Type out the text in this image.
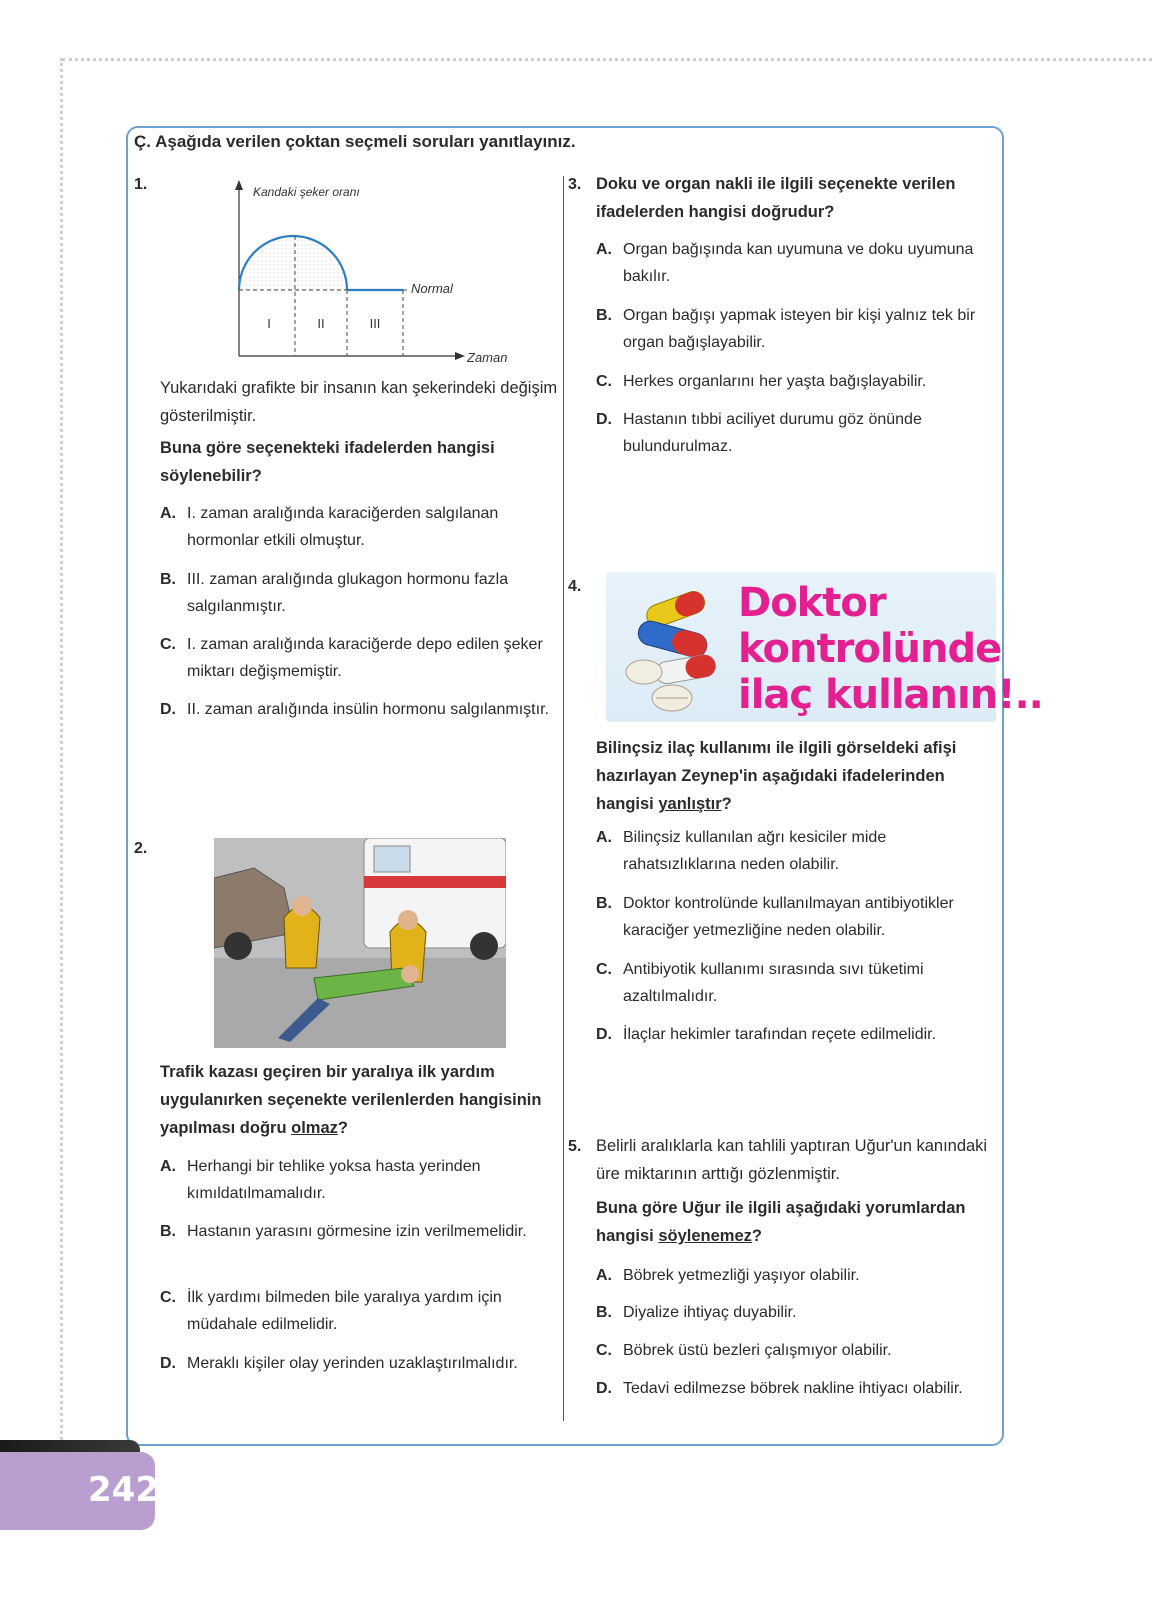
Ç. Aşağıda verilen çoktan seçmeli soruları yanıtlayınız.
1.	Kandaki şeker oranı
Normal
Zaman
I	II	III
Yukarıdaki grafikte bir insanın kan şekerindeki değişim gösterilmiştir.
Buna göre seçenekteki ifadelerden hangisi söylenebilir?
A. I. zaman aralığında karaciğerden salgılanan hormonlar etkili olmuştur.
B. III. zaman aralığında glukagon hormonu fazla salgılanmıştır.
C. I. zaman aralığında karaciğerde depo edilen şeker miktarı değişmemiştir.
D. II. zaman aralığında insülin hormonu salgılanmıştır.
2.
Trafik kazası geçiren bir yaralıya ilk yardım uygulanırken seçenekte verilenlerden hangisinin yapılması doğru olmaz?
A. Herhangi bir tehlike yoksa hasta yerinden kımıldatılmamalıdır.
B. Hastanın yarasını görmesine izin verilmemelidir.
C. İlk yardımı bilmeden bile yaralıya yardım için müdahale edilmelidir.
D. Meraklı kişiler olay yerinden uzaklaştırılmalıdır.
3. Doku ve organ nakli ile ilgili seçenekte verilen ifadelerden hangisi doğrudur?
A. Organ bağışında kan uyumuna ve doku uyumuna bakılır.
B. Organ bağışı yapmak isteyen bir kişi yalnız tek bir organ bağışlayabilir.
C. Herkes organlarını her yaşta bağışlayabilir.
D. Hastanın tıbbi aciliyet durumu göz önünde bulundurulmaz.
4.	Doktor
kontrolünde
ilaç kullanın!..
Bilinçsiz ilaç kullanımı ile ilgili görseldeki afişi hazırlayan Zeynep'in aşağıdaki ifadelerinden hangisi yanlıştır?
A. Bilinçsiz kullanılan ağrı kesiciler mide rahatsızlıklarına neden olabilir.
B. Doktor kontrolünde kullanılmayan antibiyotikler karaciğer yetmezliğine neden olabilir.
C. Antibiyotik kullanımı sırasında sıvı tüketimi azaltılmalıdır.
D. İlaçlar hekimler tarafından reçete edilmelidir.
5. Belirli aralıklarla kan tahlili yaptıran Uğur'un kanındaki üre miktarının arttığı gözlenmiştir.
Buna göre Uğur ile ilgili aşağıdaki yorumlardan hangisi söylenemez?
A. Böbrek yetmezliği yaşıyor olabilir.
B. Diyalize ihtiyaç duyabilir.
C. Böbrek üstü bezleri çalışmıyor olabilir.
D. Tedavi edilmezse böbrek nakline ihtiyacı olabilir.
242
